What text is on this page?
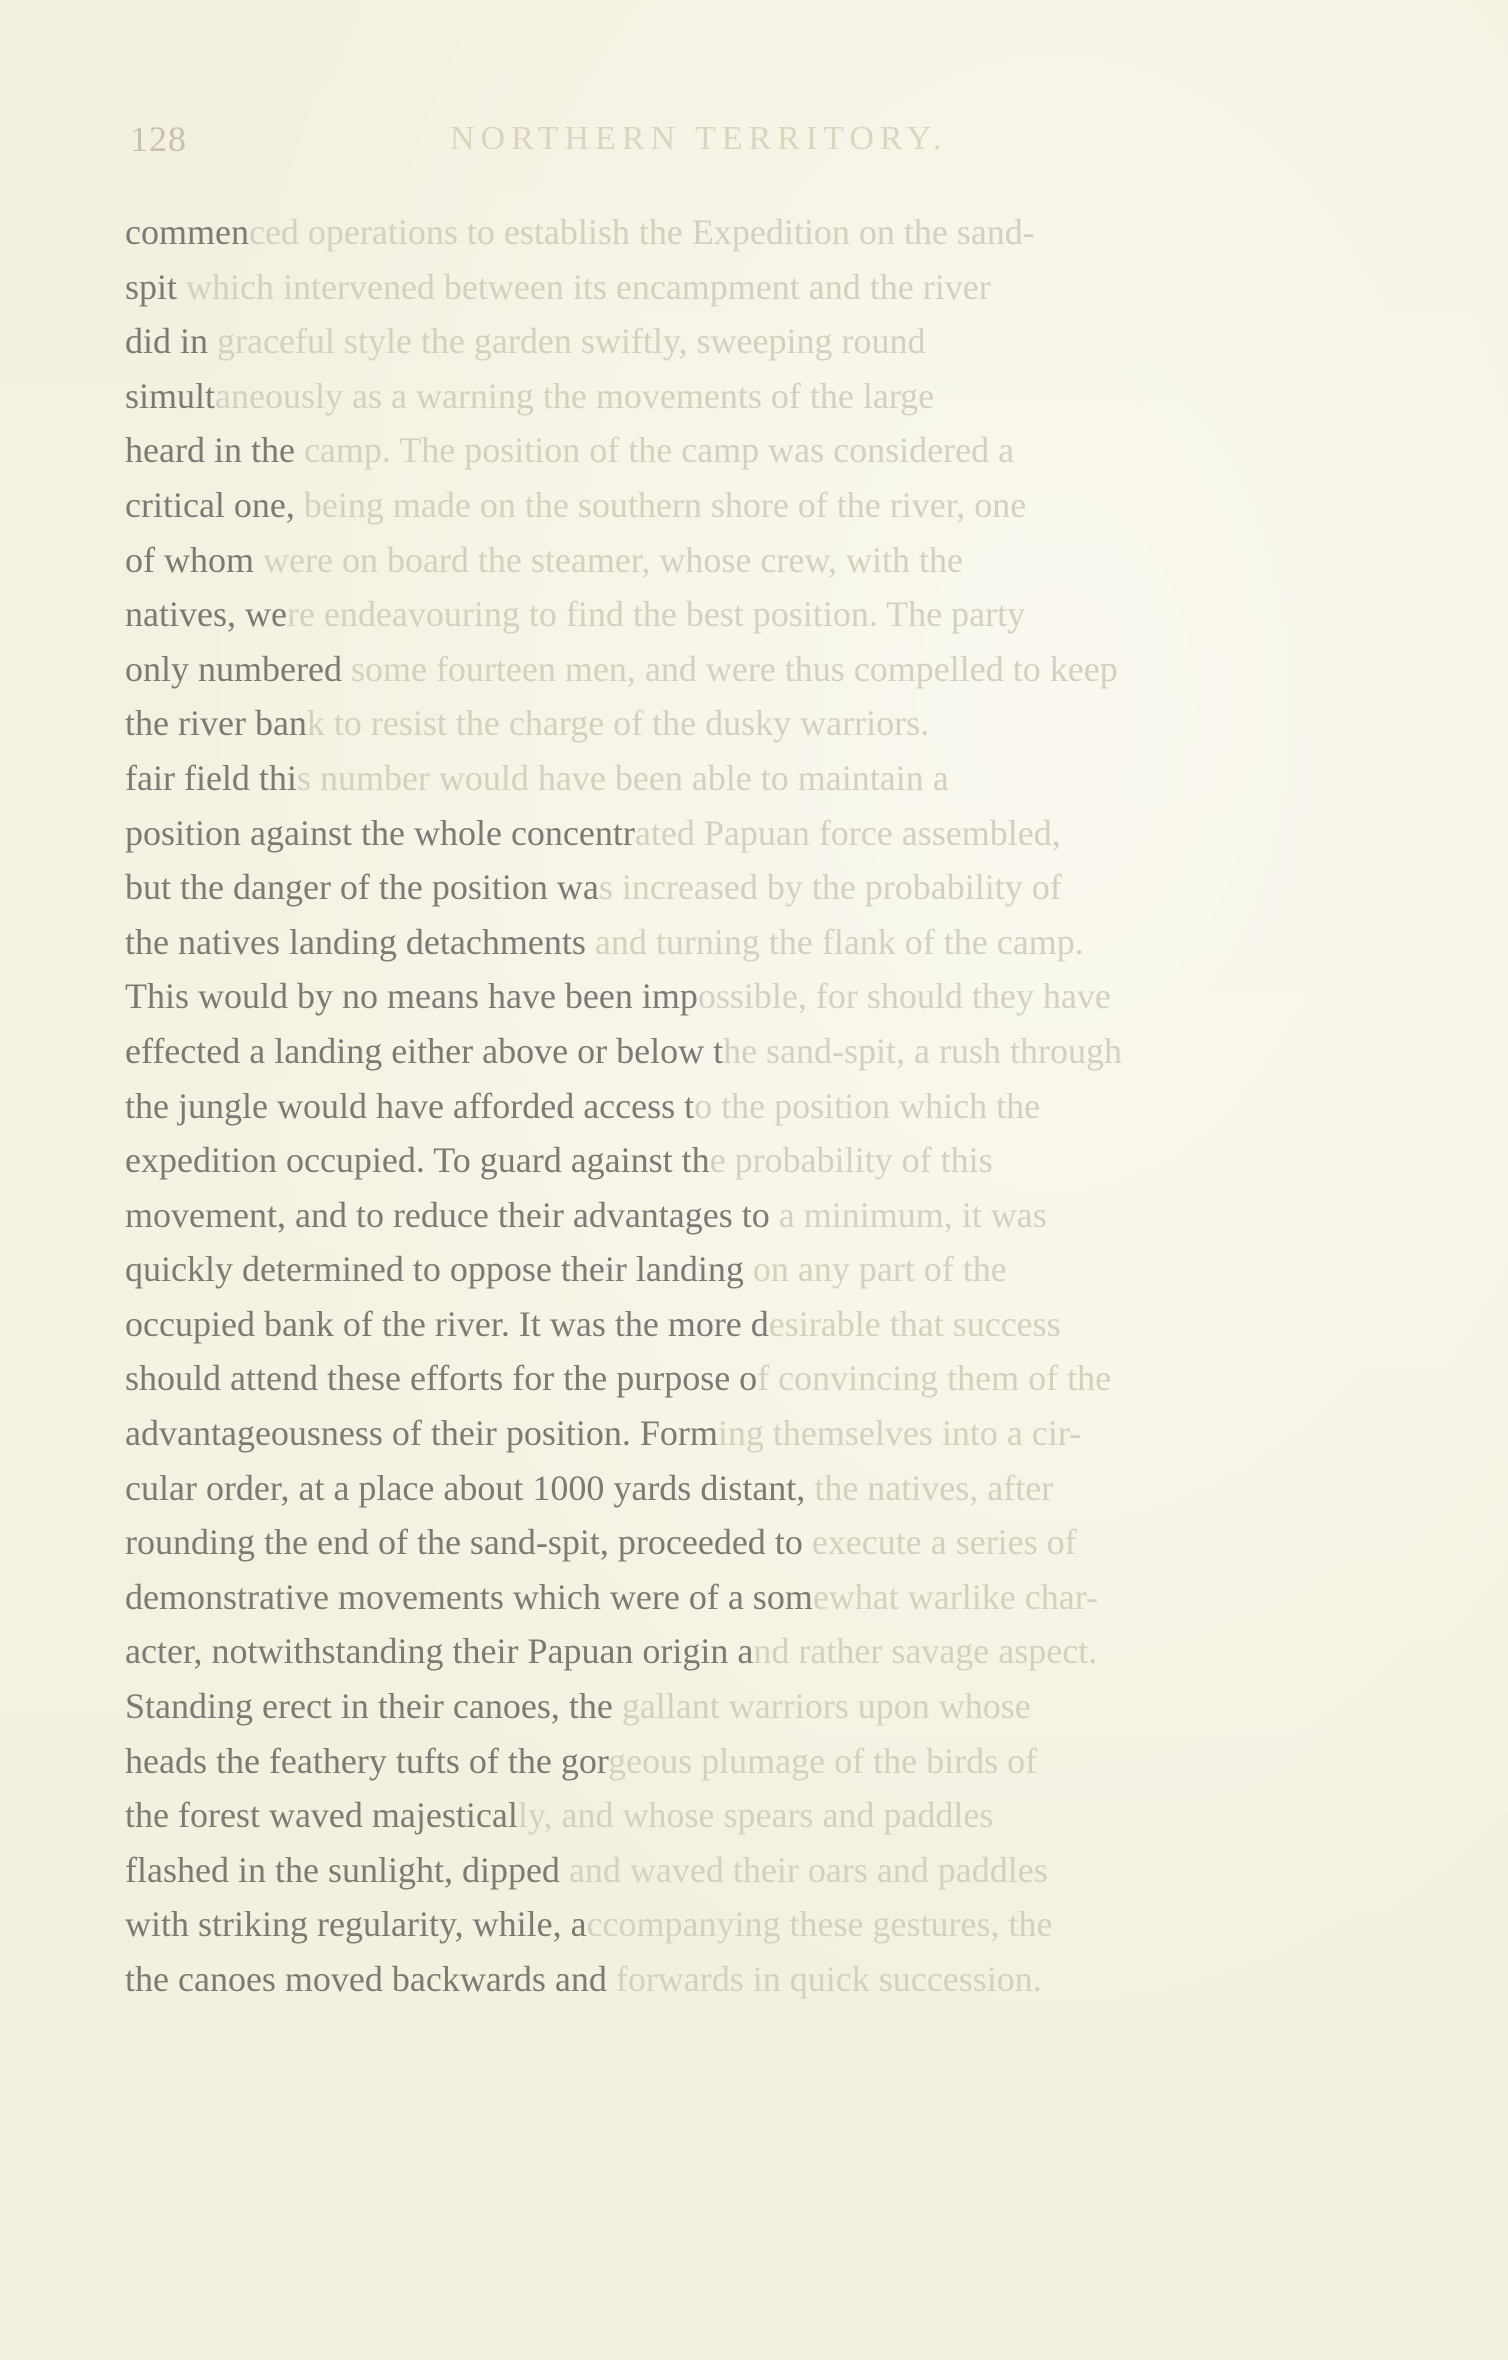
128	NORTHERN TERRITORY.
commenced operations to establish the Expedition on the sand-
spit which intervened between its encampment and the river
did in graceful style the garden swiftly, sweeping round
simultaneously as a warning the movements of the large
heard in the camp. The position of the camp was considered a
critical one, being made on the southern shore of the river, one
of whom were on board the steamer, whose crew, with the
natives, were endeavouring to find the best position. The party
only numbered some fourteen men, and were thus compelled to keep
the river bank to resist the charge of the dusky warriors.
fair field this number would have been able to maintain a
position against the whole concentrated Papuan force assembled,
but the danger of the position was increased by the probability of
the natives landing detachments and turning the flank of the camp.
This would by no means have been impossible, for should they have
effected a landing either above or below the sand-spit, a rush through
the jungle would have afforded access to the position which the
expedition occupied. To guard against the probability of this
movement, and to reduce their advantages to a minimum, it was
quickly determined to oppose their landing on any part of the
occupied bank of the river. It was the more desirable that success
should attend these efforts for the purpose of convincing them of the
advantageousness of their position. Forming themselves into a cir-
cular order, at a place about 1000 yards distant, the natives, after
rounding the end of the sand-spit, proceeded to execute a series of
demonstrative movements which were of a somewhat warlike char-
acter, notwithstanding their Papuan origin and rather savage aspect.
Standing erect in their canoes, the gallant warriors upon whose
heads the feathery tufts of the gorgeous plumage of the birds of
the forest waved majestically, and whose spears and paddles
flashed in the sunlight, dipped and waved their oars and paddles
with striking regularity, while, accompanying these gestures, the
the canoes moved backwards and forwards in quick succession.
